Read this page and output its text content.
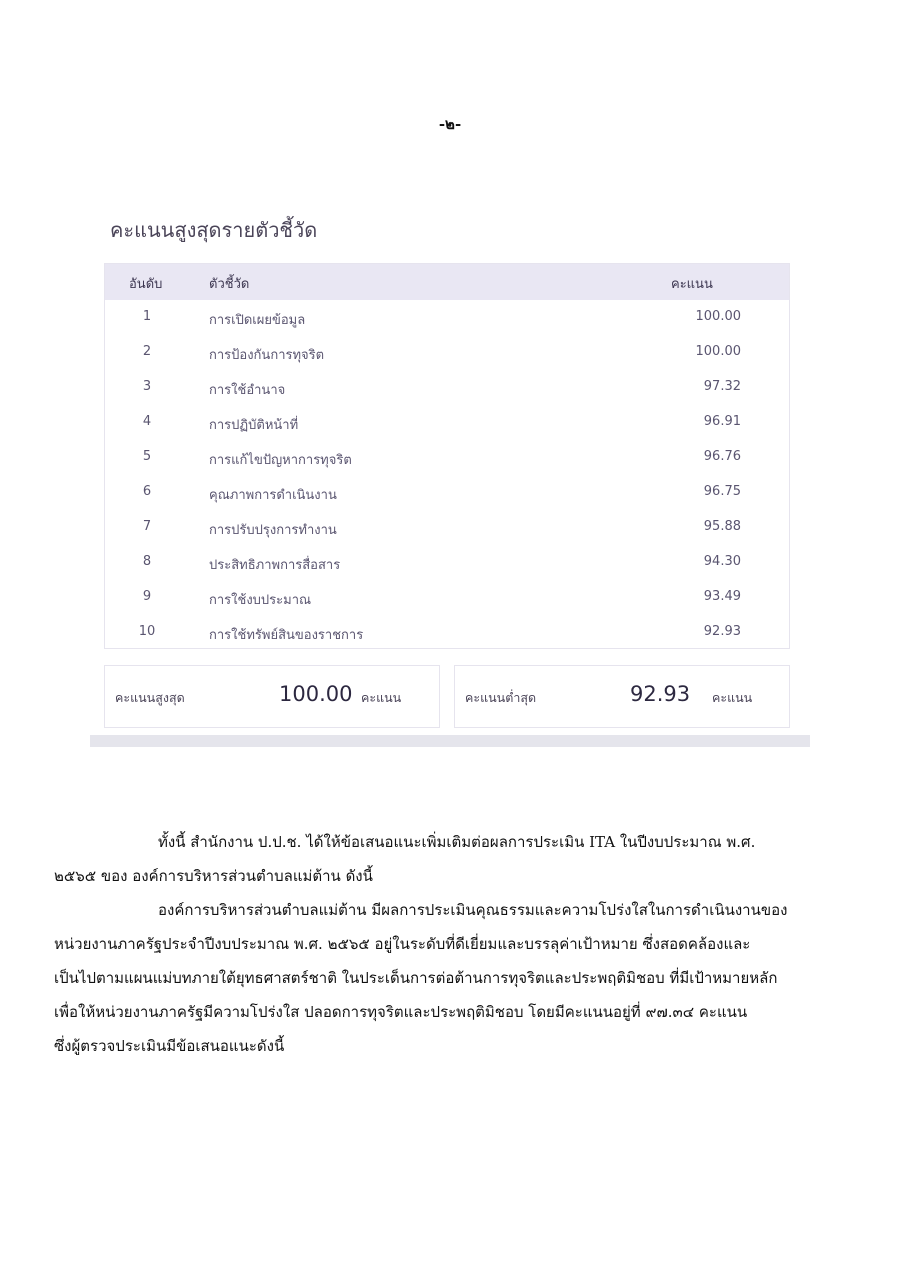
-๒-
คะแนนสูงสุดรายตัวชี้วัด
อันดับ	ตัวชี้วัด	คะแนน
1	การเปิดเผยข้อมูล	100.00
2	การป้องกันการทุจริต	100.00
3	การใช้อำนาจ	97.32
4	การปฏิบัติหน้าที่	96.91
5	การแก้ไขปัญหาการทุจริต	96.76
6	คุณภาพการดำเนินงาน	96.75
7	การปรับปรุงการทำงาน	95.88
8	ประสิทธิภาพการสื่อสาร	94.30
9	การใช้งบประมาณ	93.49
10	การใช้ทรัพย์สินของราชการ	92.93
คะแนนสูงสุด	100.00 คะแนน	คะแนนต่ำสุด	92.93 คะแนน
ทั้งนี้ สำนักงาน ป.ป.ช. ได้ให้ข้อเสนอแนะเพิ่มเติมต่อผลการประเมิน ITA ในปีงบประมาณ พ.ศ.
๒๕๖๕ ของ องค์การบริหารส่วนตำบลแม่ต้าน ดังนี้
องค์การบริหารส่วนตำบลแม่ต้าน มีผลการประเมินคุณธรรมและความโปร่งใสในการดำเนินงานของ
หน่วยงานภาครัฐประจำปีงบประมาณ พ.ศ. ๒๕๖๕ อยู่ในระดับที่ดีเยี่ยมและบรรลุค่าเป้าหมาย ซึ่งสอดคล้องและ
เป็นไปตามแผนแม่บทภายใต้ยุทธศาสตร์ชาติ ในประเด็นการต่อต้านการทุจริตและประพฤติมิชอบ ที่มีเป้าหมายหลัก
เพื่อให้หน่วยงานภาครัฐมีความโปร่งใส ปลอดการทุจริตและประพฤติมิชอบ โดยมีคะแนนอยู่ที่ ๙๗.๓๔ คะแนน
ซึ่งผู้ตรวจประเมินมีข้อเสนอแนะดังนี้
